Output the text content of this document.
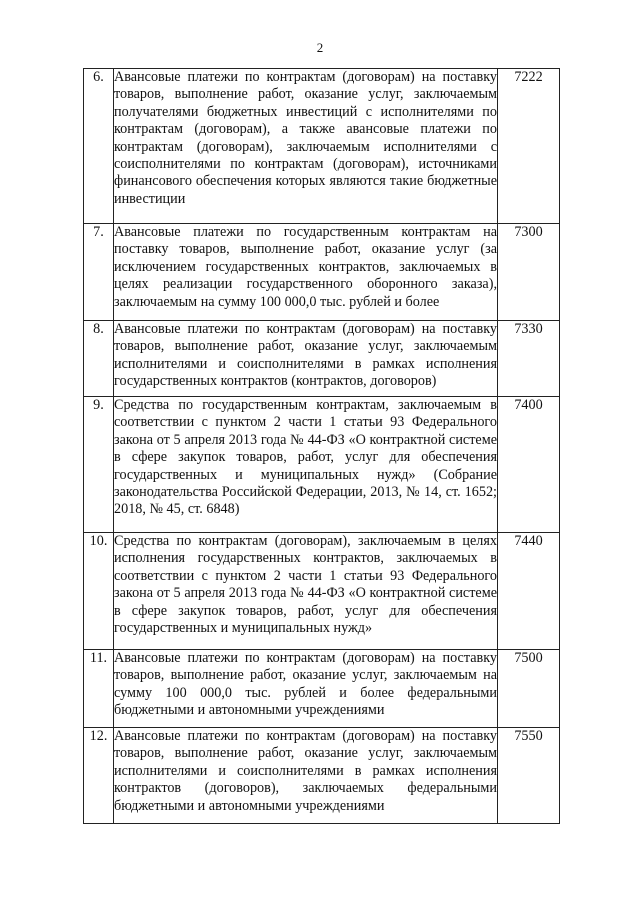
2
6.	Авансовые платежи по контрактам (договорам) на поставку товаров, выполнение работ, оказание услуг, заключаемым получателями бюджетных инвестиций с исполнителями по контрактам (договорам), а также авансовые платежи по контрактам (договорам), заключаемым исполнителями с соисполнителями по контрактам (договорам), источниками финансового обеспечения которых являются такие бюджетные инвестиции	7222
7.	Авансовые платежи по государственным контрактам на поставку товаров, выполнение работ, оказание услуг (за исключением государственных контрактов, заключаемых в целях реализации государственного оборонного заказа), заключаемым на сумму 100 000,0 тыс. рублей и более	7300
8.	Авансовые платежи по контрактам (договорам) на поставку товаров, выполнение работ, оказание услуг, заключаемым исполнителями и соисполнителями в рамках исполнения государственных контрактов (контрактов, договоров)	7330
9.	Средства по государственным контрактам, заключаемым в соответствии с пунктом 2 части 1 статьи 93 Федерального закона от 5 апреля 2013 года № 44-ФЗ «О контрактной системе в сфере закупок товаров, работ, услуг для обеспечения государственных и муниципальных нужд» (Собрание законодательства Российской Федерации, 2013, № 14, ст. 1652; 2018, № 45, ст. 6848)	7400
10.	Средства по контрактам (договорам), заключаемым в целях исполнения государственных контрактов, заключаемых в соответствии с пунктом 2 части 1 статьи 93 Федерального закона от 5 апреля 2013 года № 44-ФЗ «О контрактной системе в сфере закупок товаров, работ, услуг для обеспечения государственных и муниципальных нужд»	7440
11.	Авансовые платежи по контрактам (договорам) на поставку товаров, выполнение работ, оказание услуг, заключаемым на сумму 100 000,0 тыс. рублей и более федеральными бюджетными и автономными учреждениями	7500
12.	Авансовые платежи по контрактам (договорам) на поставку товаров, выполнение работ, оказание услуг, заключаемым исполнителями и соисполнителями в рамках исполнения контрактов (договоров), заключаемых федеральными бюджетными и автономными учреждениями	7550
